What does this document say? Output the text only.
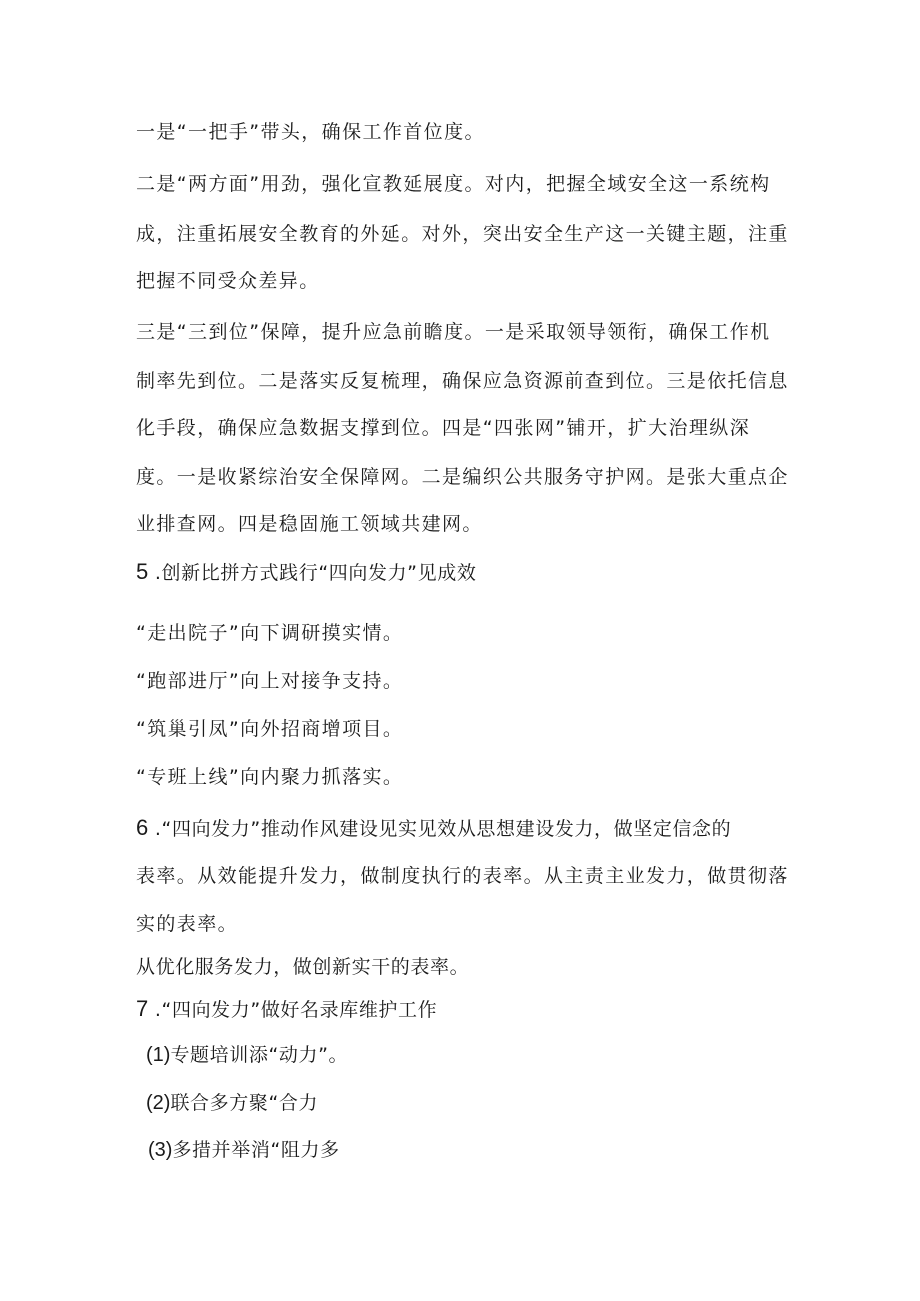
一是“一把手”带头，确保工作首位度。
二是“两方面”用劲，强化宣教延展度。对内，把握全域安全这一系统构
成，注重拓展安全教育的外延。对外，突出安全生产这一关键主题，注重
把握不同受众差异。
三是“三到位”保障，提升应急前瞻度。一是采取领导领衔，确保工作机
制率先到位。二是落实反复梳理，确保应急资源前查到位。三是依托信息
化手段，确保应急数据支撑到位。四是“四张网”铺开，扩大治理纵深
度。一是收紧综治安全保障网。二是编织公共服务守护网。是张大重点企
业排查网。四是稳固施工领域共建网。
5 .创新比拼方式践行“四向发力”见成效
“走出院子”向下调研摸实情。
“跑部进厅”向上对接争支持。
“筑巢引凤”向外招商增项目。
“专班上线”向内聚力抓落实。
6 .“四向发力”推动作风建设见实见效从思想建设发力，做坚定信念的
表率。从效能提升发力，做制度执行的表率。从主责主业发力，做贯彻落
实的表率。
从优化服务发力，做创新实干的表率。
7 .“四向发力”做好名录库维护工作
(1)专题培训添“动力”。
(2)联合多方聚“合力
(3)多措并举消“阻力多
